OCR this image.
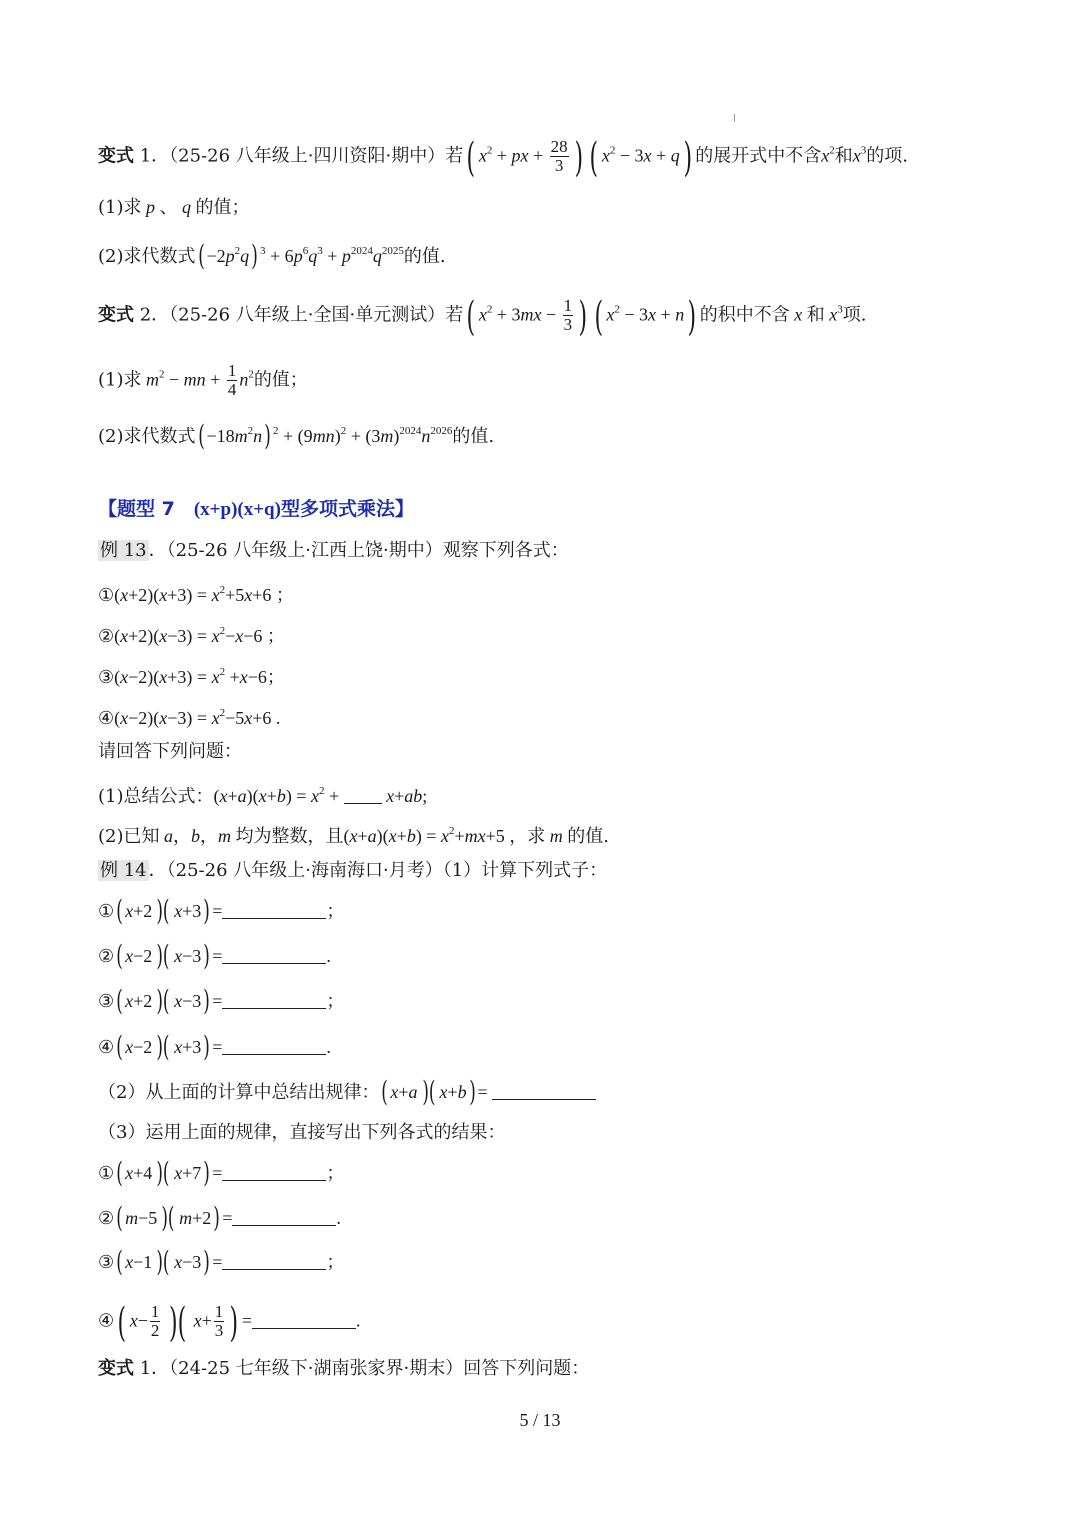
变式 1．（25-26 八年级上·四川资阳·期中）若( $x^2$ + px + $\frac{28}{3}$ ) ( $x^2 - 3x + q$) 的展开式中不含$x^2$和$x^3$的项.
(1)求 p 、 q 的值；
(2)求代数式( $-2p^2q$) $^3 + 6p^6q^3 + p^{2024}q^{2025}$的值.
变式 2．（25-26 八年级上·全国·单元测试）若( $x^2 + 3mx - \frac{1}{3}$ ) ( $x^2 - 3x + n$) 的积中不含 x 和 $x^3$项.
(1)求 $m^2$ − mn + $\frac{1}{4} n^2$的值；
(2)求代数式( $-18m^2n$) $^2 + (9mn)^2 + (3m)^{2024}n^{2026}$的值.
【题型 7　(x+p)(x+q)型多项式乘法】
例 13 ．（25-26 八年级上·江西上饶·期中）观察下列各式：
①(x+2)(x+3) = $x^2+5x+6$ ；
②(x+2)(x−3) = $x^2-x-6$ ；
③(x−2)(x+3) = $x^2 +x-6$；
④(x−2)(x−3) = $x^2-5x+6$ .
请回答下列问题：
(1)总结公式：$(x+a)(x+b) = x^2 + x+ab$;
(2)已知 a，b，m 均为整数，且$(x+a)(x+b) = x^2+mx+5$ ，求 m 的值.
例 14 ．（25-26 八年级上·海南海口·月考）（1）计算下列式子：
①( x+2 )( x+3) =	；
②( x−2 )( x−3) =	.
③( x+2 )( x−3) =	；
④( x−2 )( x+3) =	.
（2）从上面的计算中总结出规律：( x+a )( x+b) =
（3）运用上面的规律，直接写出下列各式的结果：
①( x+4 )( x+7) =	；
②( m−5 )( m+2) =	.
③( x−1 )( x−3) =	；
④( $x- \frac{1}{2}$ )( $x+ \frac{1}{3}$ ) =	.
变式 1．（24-25 七年级下·湖南张家界·期末）回答下列问题：
5 / 13
